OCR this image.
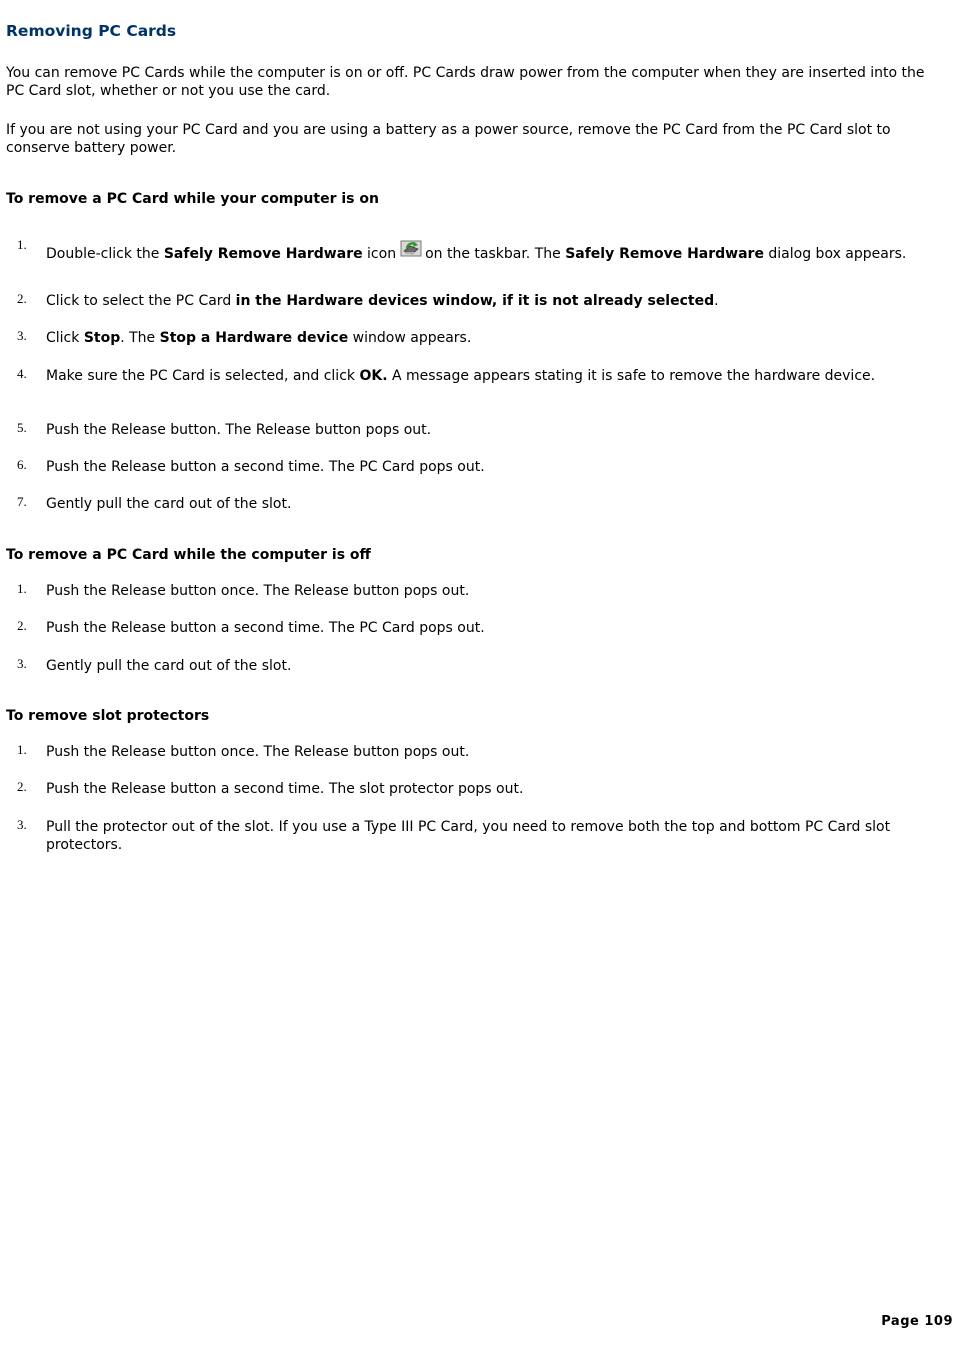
Removing PC Cards

You can remove PC Cards while the computer is on or off. PC Cards draw power from the computer when they are inserted into the PC Card slot, whether or not you use the card.

If you are not using your PC Card and you are using a battery as a power source, remove the PC Card from the PC Card slot to conserve battery power.

To remove a PC Card while your computer is on
1.
Double-click the Safely Remove Hardware icon on the taskbar. The Safely Remove Hardware dialog box appears.
2. Click to select the PC Card in the Hardware devices window, if it is not already selected.
3. Click Stop. The Stop a Hardware device window appears.
4. Make sure the PC Card is selected, and click OK. A message appears stating it is safe to remove the hardware device.
5. Push the Release button. The Release button pops out.
6. Push the Release button a second time. The PC Card pops out.
7. Gently pull the card out of the slot.
To remove a PC Card while the computer is off
1. Push the Release button once. The Release button pops out.
2. Push the Release button a second time. The PC Card pops out.
3. Gently pull the card out of the slot.
To remove slot protectors
1. Push the Release button once. The Release button pops out.
2. Push the Release button a second time. The slot protector pops out.
3. Pull the protector out of the slot. If you use a Type III PC Card, you need to remove both the top and bottom PC Card slot protectors.

Page 109
